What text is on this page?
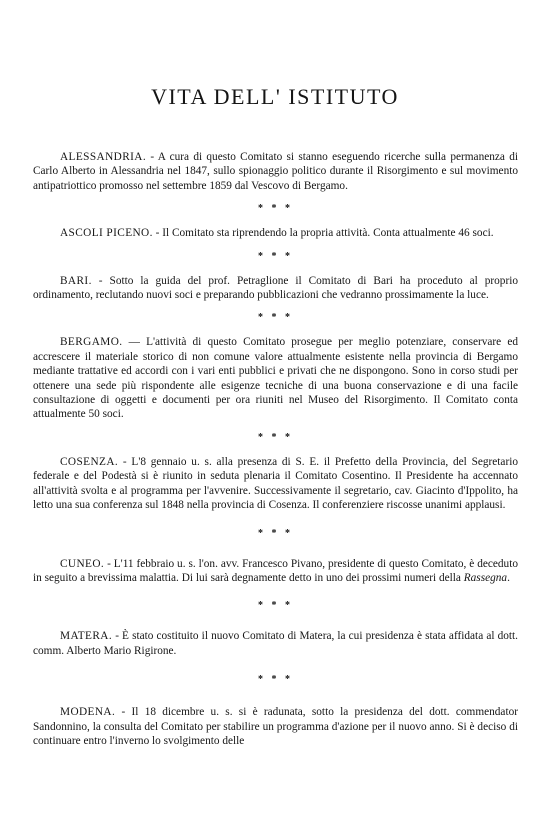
VITA DELL' ISTITUTO

ALESSANDRIA. - A cura di questo Comitato si stanno eseguendo ricerche sulla permanenza di Carlo Alberto in Alessandria nel 1847, sullo spionaggio politico durante il Risorgimento e sul movimento antipatriottico promosso nel settembre 1859 dal Vescovo di Bergamo.

* * *

ASCOLI PICENO. - Il Comitato sta riprendendo la propria attività. Conta attualmente 46 soci.

* * *

BARI. - Sotto la guida del prof. Petraglione il Comitato di Bari ha proceduto al proprio ordinamento, reclutando nuovi soci e preparando pubblicazioni che vedranno prossimamente la luce.

* * *

BERGAMO. — L'attività di questo Comitato prosegue per meglio potenziare, conservare ed accrescere il materiale storico di non comune valore attualmente esistente nella provincia di Bergamo mediante trattative ed accordi con i vari enti pubblici e privati che ne dispongono. Sono in corso studi per ottenere una sede più rispondente alle esigenze tecniche di una buona conservazione e di una facile consultazione di oggetti e documenti per ora riuniti nel Museo del Risorgimento. Il Comitato conta attualmente 50 soci.

* * *

COSENZA. - L'8 gennaio u. s. alla presenza di S. E. il Prefetto della Provincia, del Segretario federale e del Podestà si è riunito in seduta plenaria il Comitato Cosentino. Il Presidente ha accennato all'attività svolta e al programma per l'avvenire. Successivamente il segretario, cav. Giacinto d'Ippolito, ha letto una sua conferenza sul 1848 nella provincia di Cosenza. Il conferenziere riscosse unanimi applausi.

* * *

CUNEO. - L'11 febbraio u. s. l'on. avv. Francesco Pivano, presidente di questo Comitato, è deceduto in seguito a brevissima malattia. Di lui sarà degnamente detto in uno dei prossimi numeri della Rassegna.

* * *

MATERA. - È stato costituito il nuovo Comitato di Matera, la cui presidenza è stata affidata al dott. comm. Alberto Mario Rigirone.

* * *

MODENA. - Il 18 dicembre u. s. si è radunata, sotto la presidenza del dott. commendator Sandonnino, la consulta del Comitato per stabilire un programma d'azione per il nuovo anno. Si è deciso di continuare entro l'inverno lo svolgimento delle
